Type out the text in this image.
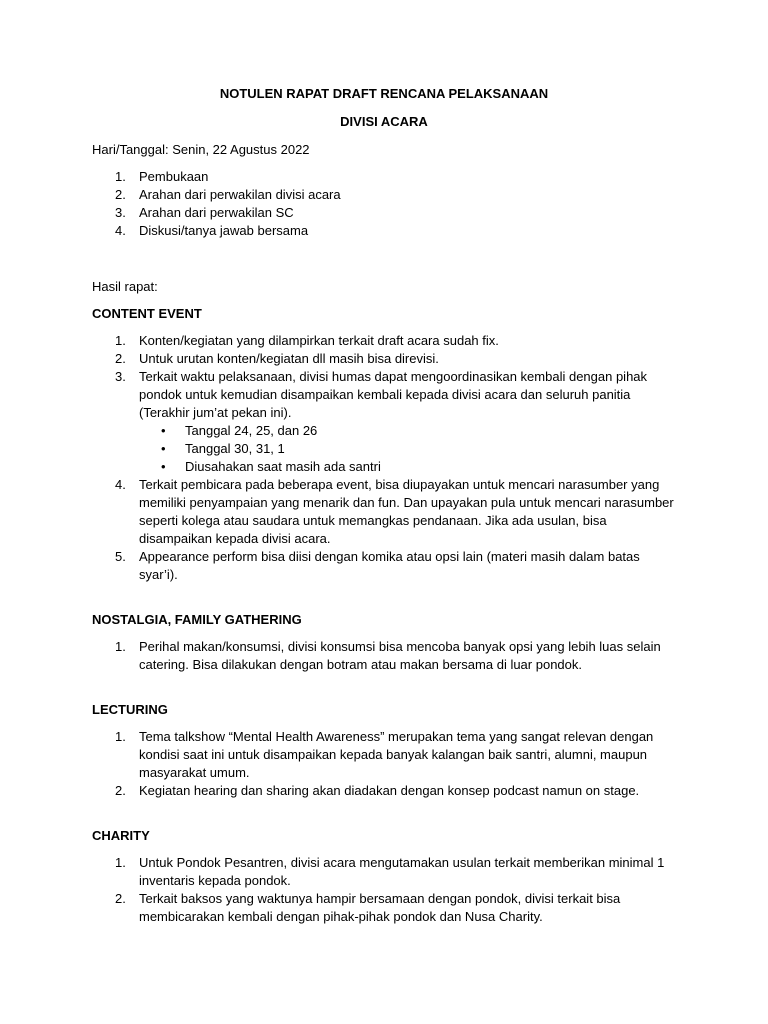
NOTULEN RAPAT DRAFT RENCANA PELAKSANAAN

DIVISI ACARA

Hari/Tanggal: Senin, 22 Agustus 2022
1. Pembukaan
2. Arahan dari perwakilan divisi acara
3. Arahan dari perwakilan SC
4. Diskusi/tanya jawab bersama
Hasil rapat:
CONTENT EVENT
1. Konten/kegiatan yang dilampirkan terkait draft acara sudah fix.
2. Untuk urutan konten/kegiatan dll masih bisa direvisi.
3. Terkait waktu pelaksanaan, divisi humas dapat mengoordinasikan kembali dengan pihak pondok untuk kemudian disampaikan kembali kepada divisi acara dan seluruh panitia (Terakhir jum’at pekan ini).
• Tanggal 24, 25, dan 26
• Tanggal 30, 31, 1
• Diusahakan saat masih ada santri
4. Terkait pembicara pada beberapa event, bisa diupayakan untuk mencari narasumber yang memiliki penyampaian yang menarik dan fun. Dan upayakan pula untuk mencari narasumber seperti kolega atau saudara untuk memangkas pendanaan. Jika ada usulan, bisa disampaikan kepada divisi acara.
5. Appearance perform bisa diisi dengan komika atau opsi lain (materi masih dalam batas syar’i).
NOSTALGIA, FAMILY GATHERING
1. Perihal makan/konsumsi, divisi konsumsi bisa mencoba banyak opsi yang lebih luas selain catering. Bisa dilakukan dengan botram atau makan bersama di luar pondok.
LECTURING
1. Tema talkshow “Mental Health Awareness” merupakan tema yang sangat relevan dengan kondisi saat ini untuk disampaikan kepada banyak kalangan baik santri, alumni, maupun masyarakat umum.
2. Kegiatan hearing dan sharing akan diadakan dengan konsep podcast namun on stage.
CHARITY
1. Untuk Pondok Pesantren, divisi acara mengutamakan usulan terkait memberikan minimal 1 inventaris kepada pondok.
2. Terkait baksos yang waktunya hampir bersamaan dengan pondok, divisi terkait bisa membicarakan kembali dengan pihak-pihak pondok dan Nusa Charity.
